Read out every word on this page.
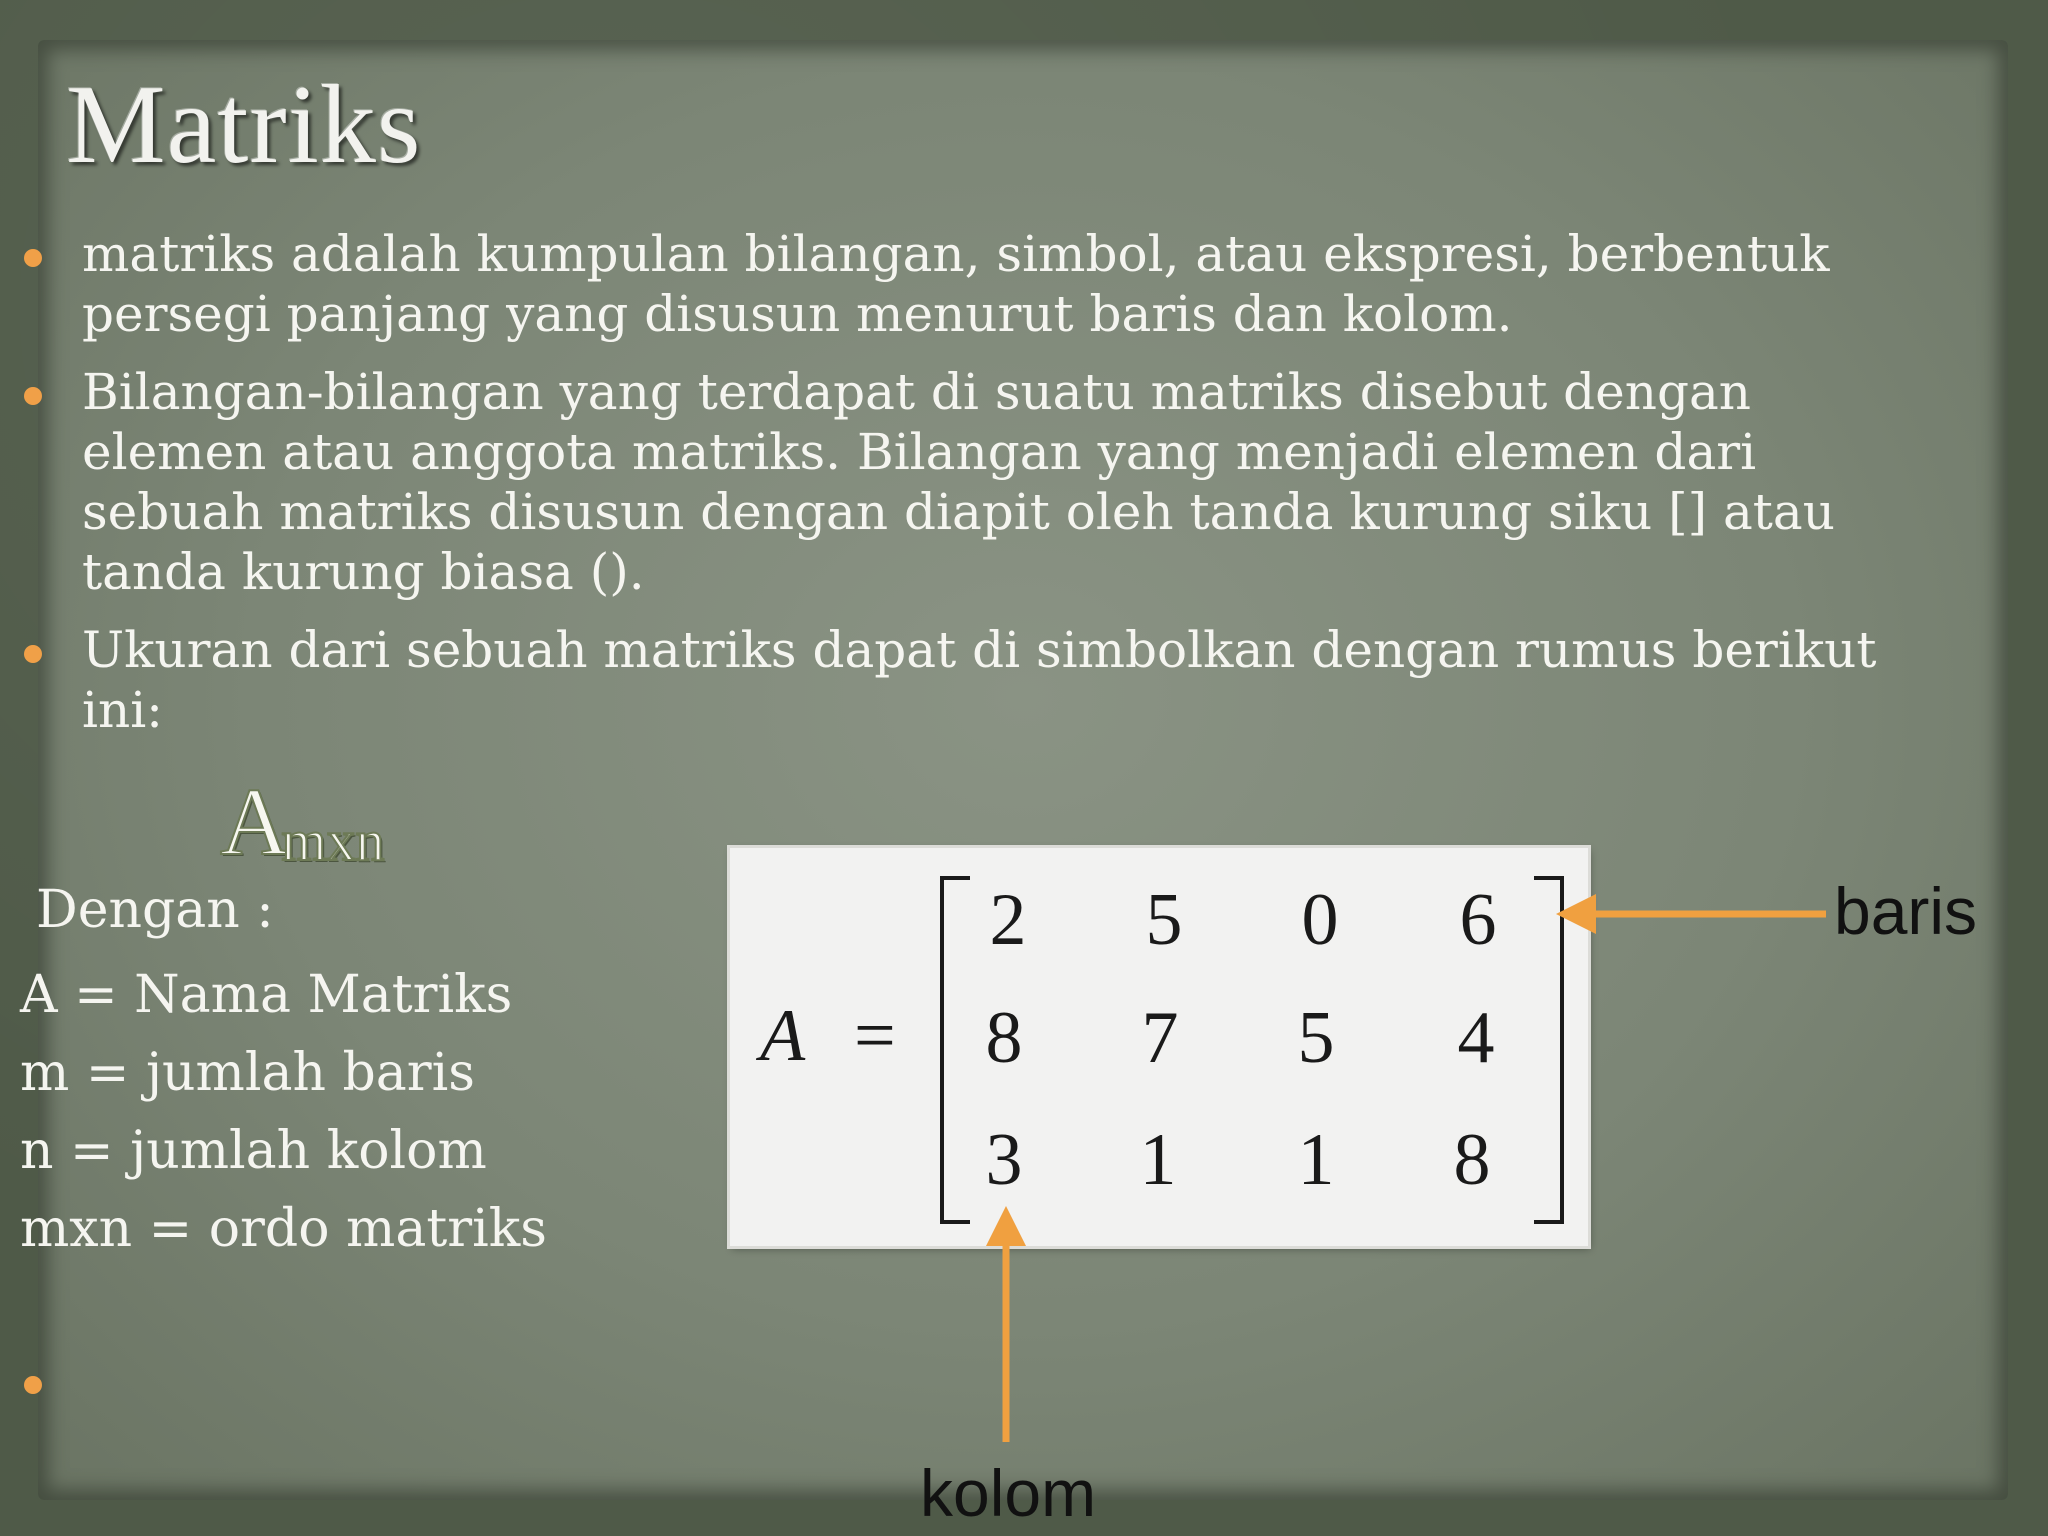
Matriks
matriks adalah kumpulan bilangan, simbol, atau ekspresi, berbentuk persegi panjang yang disusun menurut baris dan kolom.
Bilangan-bilangan yang terdapat di suatu matriks disebut dengan elemen atau anggota matriks. Bilangan yang menjadi elemen dari sebuah matriks disusun dengan diapit oleh tanda kurung siku [] atau tanda kurung biasa ().
Ukuran dari sebuah matriks dapat di simbolkan dengan rumus berikut ini:
Amxn
Dengan :
A = Nama Matriks
m = jumlah baris
n = jumlah kolom
mxn = ordo matriks
A =
2 5 0 6
8 7 5 4
3 1 1 8
baris
kolom
